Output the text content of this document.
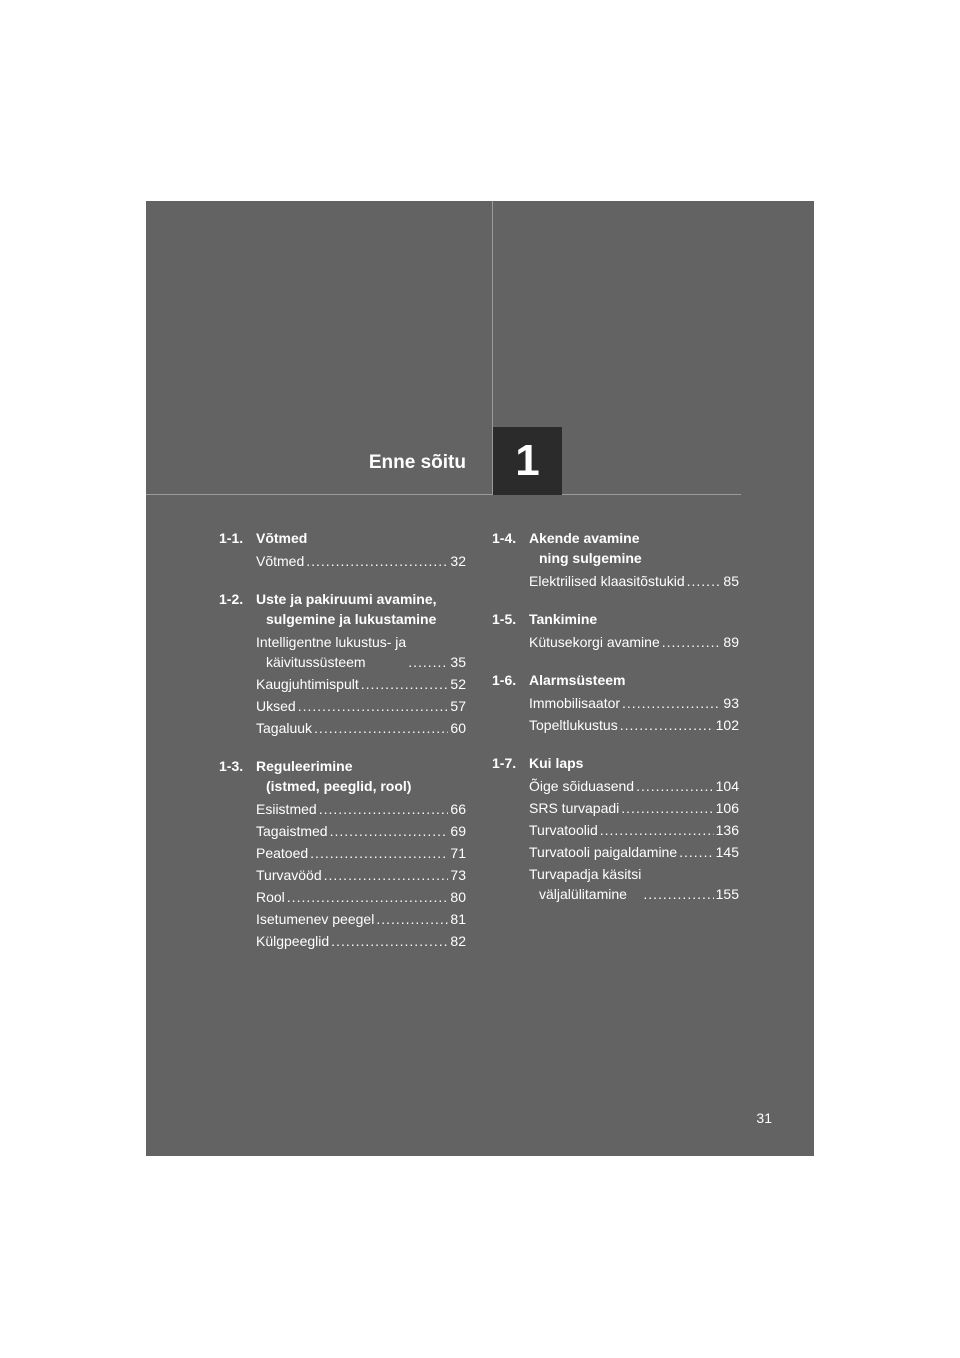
Enne sõitu	1
1-1. Võtmed
Võtmed .....	32
1-2. Uste ja pakiruumi avamine,
sulgemine ja lukustamine
Intelligentne lukustus- ja
käivitussüsteem .....	35
Kaugjuhtimispult .....	52
Uksed .....	57
Tagaluuk .....	60
1-3. Reguleerimine
(istmed, peeglid, rool)
Esiistmed .....	66
Tagaistmed .....	69
Peatoed .....	71
Turvavööd .....	73
Rool .....	80
Isetumenev peegel .....	81
Külgpeeglid .....	82
1-4. Akende avamine
ning sulgemine
Elektrilised klaasitõstukid .....	85
1-5. Tankimine
Kütusekorgi avamine .....	89
1-6. Alarmsüsteem
Immobilisaator .....	93
Topeltlukustus .....	102
1-7. Kui laps
Õige sõiduasend .....	104
SRS turvapadi .....	106
Turvatoolid .....	136
Turvatooli paigaldamine .....	145
Turvapadja käsitsi
väljalülitamine .....	155
31
